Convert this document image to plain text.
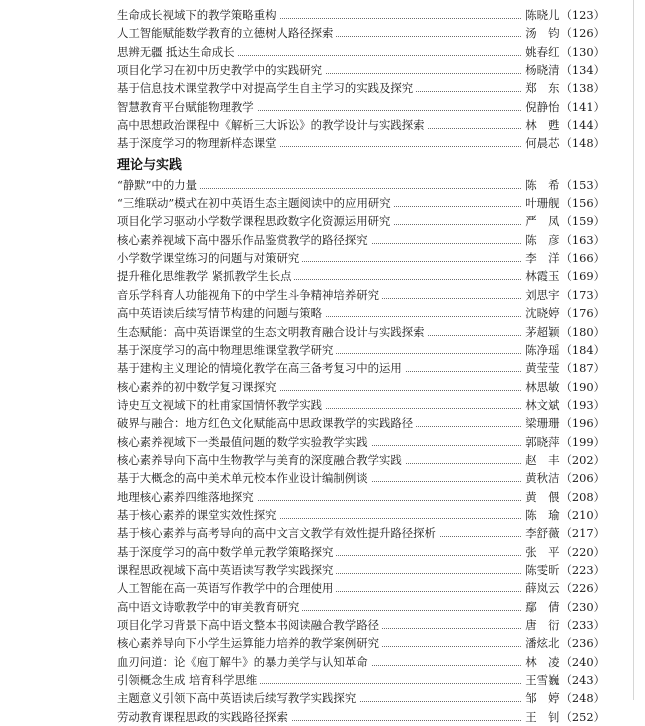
生命成长视域下的教学策略重构	陈晓儿（123）
人工智能赋能数学教育的立德树人路径探索	汤　钧（126）
思辨无疆 抵达生命成长	姚春红（130）
项目化学习在初中历史教学中的实践研究	杨晓清（134）
基于信息技术课堂教学中对提高学生自主学习的实践及探究	郑　东（138）
智慧教育平台赋能物理教学	倪静怡（141）
高中思想政治课程中《解析三大诉讼》的教学设计与实践探索	林　甦（144）
基于深度学习的物理新样态课堂	何晨芯（148）
理论与实践
“静默”中的力量	陈　希（153）
“三维联动”模式在初中英语生态主题阅读中的应用研究	叶珊舰（156）
项目化学习驱动小学数学课程思政数字化资源运用研究	严　凤（159）
核心素养视域下高中器乐作品鉴赏教学的路径探究	陈　彦（163）
小学数学课堂练习的问题与对策研究	李　洋（166）
提升稚化思维教学 紧抓教学生长点	林霞玉（169）
音乐学科育人功能视角下的中学生斗争精神培养研究	刘思宇（173）
高中英语读后续写情节构建的问题与策略	沈晓婷（176）
生态赋能：高中英语课堂的生态文明教育融合设计与实践探索	茅超颖（180）
基于深度学习的高中物理思维课堂教学研究	陈净瑶（184）
基于建构主义理论的情境化教学在高三备考复习中的运用	黄莹莹（187）
核心素养的初中数学复习课探究	林思敏（190）
诗史互文视域下的杜甫家国情怀教学实践	林文斌（193）
破界与融合：地方红色文化赋能高中思政课教学的实践路径	梁珊珊（196）
核心素养视域下一类最值问题的数学实验教学实践	郭晓萍（199）
核心素养导向下高中生物教学与美育的深度融合教学实践	赵　丰（202）
基于大概念的高中美术单元校本作业设计编制例谈	黄秋洁（206）
地理核心素养四维落地探究	黄　偎（208）
基于核心素养的课堂实效性探究	陈　瑜（210）
基于核心素养与高考导向的高中文言文教学有效性提升路径探析	李舒薇（217）
基于深度学习的高中数学单元教学策略探究	张　平（220）
课程思政视域下高中英语读写教学实践探究	陈雯昕（223）
人工智能在高一英语写作教学中的合理使用	薛岚云（226）
高中语文诗歌教学中的审美教育研究	鄢　倩（230）
项目化学习背景下高中语文整本书阅读融合教学路径	唐　衍（233）
核心素养导向下小学生运算能力培养的教学案例研究	潘炫北（236）
血刃问道：论《庖丁解牛》的暴力美学与认知革命	林　凌（240）
引领概念生成 培育科学思维	王雪巍（243）
主题意义引领下高中英语读后续写教学实践探究	邹　婷（248）
劳动教育课程思政的实践路径探索	王　钊（252）
